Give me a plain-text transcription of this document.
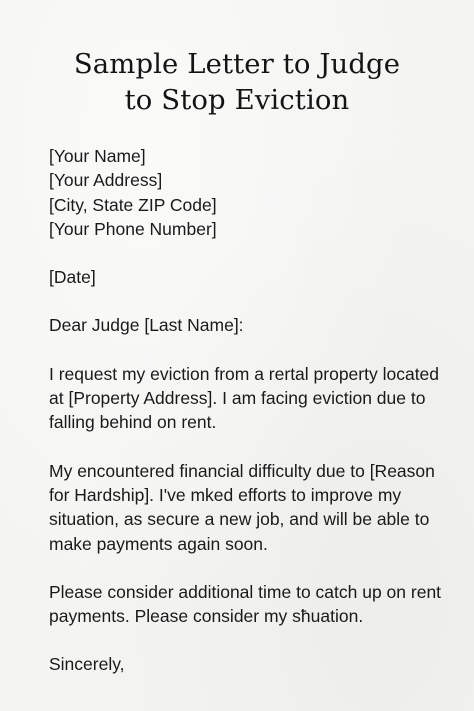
Sample Letter to Judge
to Stop Eviction

[Your Name]
[Your Address]
[City, State ZIP Code]
[Your Phone Number]

[Date]

Dear Judge [Last Name]:

I request my eviction from a rertal property located
at [Property Address]. I am facing eviction due to
falling behind on rent.

My encountered financial difficulty due to [Reason
for Hardship]. I've mked efforts to improve my
situation, as secure a new job, and will be able to
make payments again soon.

Please consider additional time to catch up on rent
payments. Please consider my sħuation.

Sincerely,
